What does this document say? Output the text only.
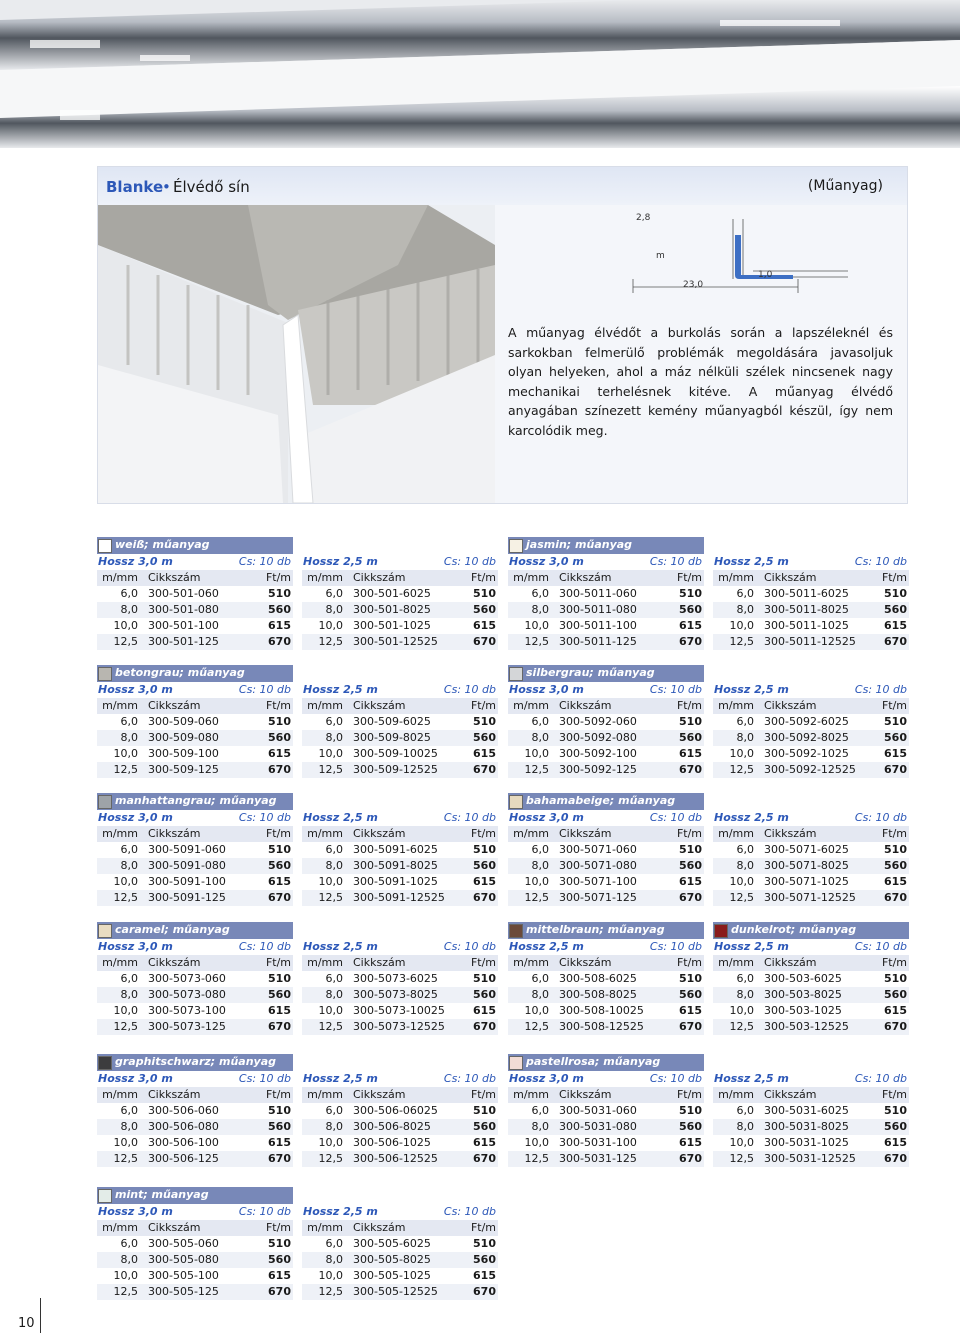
Blanke
• Élvédő sín	(Műanyag)
2,8
m
23,0
1,0

A műanyag élvédőt a burkolás során a lapszéleknél és sarkokban felmerülő problémák megoldására javasoljuk olyan helyeken, ahol a máz nélküli szélek nincsenek nagy mechanikai terhelésnek kitéve. A műanyag élvédő anyagában színezett kemény műanyagból készül, így nem karcolódik meg.

weiß; műanyag
Hossz 3,0 m	Cs: 10 db
m/mm Cikkszám	Ft/m
6,0 300-501-060	510
8,0 300-501-080	560
10,0 300-501-100	615
12,5 300-501-125	670
Hossz 2,5 m	Cs: 10 db
m/mm Cikkszám	Ft/m
6,0 300-501-6025	510
8,0 300-501-8025	560
10,0 300-501-1025	615
12,5 300-501-12525	670
jasmin; műanyag
Hossz 3,0 m	Cs: 10 db
m/mm Cikkszám	Ft/m
6,0 300-5011-060	510
8,0 300-5011-080	560
10,0 300-5011-100	615
12,5 300-5011-125	670
Hossz 2,5 m	Cs: 10 db
m/mm Cikkszám	Ft/m
6,0 300-5011-6025	510
8,0 300-5011-8025	560
10,0 300-5011-1025	615
12,5 300-5011-12525	670
betongrau; műanyag
Hossz 3,0 m	Cs: 10 db
m/mm Cikkszám	Ft/m
6,0 300-509-060	510
8,0 300-509-080	560
10,0 300-509-100	615
12,5 300-509-125	670
Hossz 2,5 m	Cs: 10 db
m/mm Cikkszám	Ft/m
6,0 300-509-6025	510
8,0 300-509-8025	560
10,0 300-509-10025	615
12,5 300-509-12525	670
silbergrau; műanyag
Hossz 3,0 m	Cs: 10 db
m/mm Cikkszám	Ft/m
6,0 300-5092-060	510
8,0 300-5092-080	560
10,0 300-5092-100	615
12,5 300-5092-125	670
Hossz 2,5 m	Cs: 10 db
m/mm Cikkszám	Ft/m
6,0 300-5092-6025	510
8,0 300-5092-8025	560
10,0 300-5092-1025	615
12,5 300-5092-12525	670
manhattangrau; műanyag
Hossz 3,0 m	Cs: 10 db
m/mm Cikkszám	Ft/m
6,0 300-5091-060	510
8,0 300-5091-080	560
10,0 300-5091-100	615
12,5 300-5091-125	670
Hossz 2,5 m	Cs: 10 db
m/mm Cikkszám	Ft/m
6,0 300-5091-6025	510
8,0 300-5091-8025	560
10,0 300-5091-1025	615
12,5 300-5091-12525	670
bahamabeige; műanyag
Hossz 3,0 m	Cs: 10 db
m/mm Cikkszám	Ft/m
6,0 300-5071-060	510
8,0 300-5071-080	560
10,0 300-5071-100	615
12,5 300-5071-125	670
Hossz 2,5 m	Cs: 10 db
m/mm Cikkszám	Ft/m
6,0 300-5071-6025	510
8,0 300-5071-8025	560
10,0 300-5071-1025	615
12,5 300-5071-12525	670
caramel; műanyag
Hossz 3,0 m	Cs: 10 db
m/mm Cikkszám	Ft/m
6,0 300-5073-060	510
8,0 300-5073-080	560
10,0 300-5073-100	615
12,5 300-5073-125	670
Hossz 2,5 m	Cs: 10 db
m/mm Cikkszám	Ft/m
6,0 300-5073-6025	510
8,0 300-5073-8025	560
10,0 300-5073-10025	615
12,5 300-5073-12525	670
mittelbraun; műanyag
Hossz 2,5 m	Cs: 10 db
m/mm Cikkszám	Ft/m
6,0 300-508-6025	510
8,0 300-508-8025	560
10,0 300-508-10025	615
12,5 300-508-12525	670
dunkelrot; műanyag
Hossz 2,5 m	Cs: 10 db
m/mm Cikkszám	Ft/m
6,0 300-503-6025	510
8,0 300-503-8025	560
10,0 300-503-1025	615
12,5 300-503-12525	670
graphitschwarz; műanyag
Hossz 3,0 m	Cs: 10 db
m/mm Cikkszám	Ft/m
6,0 300-506-060	510
8,0 300-506-080	560
10,0 300-506-100	615
12,5 300-506-125	670
Hossz 2,5 m	Cs: 10 db
m/mm Cikkszám	Ft/m
6,0 300-506-06025	510
8,0 300-506-8025	560
10,0 300-506-1025	615
12,5 300-506-12525	670
pastellrosa; műanyag
Hossz 3,0 m	Cs: 10 db
m/mm Cikkszám	Ft/m
6,0 300-5031-060	510
8,0 300-5031-080	560
10,0 300-5031-100	615
12,5 300-5031-125	670
Hossz 2,5 m	Cs: 10 db
m/mm Cikkszám	Ft/m
6,0 300-5031-6025	510
8,0 300-5031-8025	560
10,0 300-5031-1025	615
12,5 300-5031-12525	670
mint; műanyag
Hossz 3,0 m	Cs: 10 db
m/mm Cikkszám	Ft/m
6,0 300-505-060	510
8,0 300-505-080	560
10,0 300-505-100	615
12,5 300-505-125	670
Hossz 2,5 m	Cs: 10 db
m/mm Cikkszám	Ft/m
6,0 300-505-6025	510
8,0 300-505-8025	560
10,0 300-505-1025	615
12,5 300-505-12525	670
10
